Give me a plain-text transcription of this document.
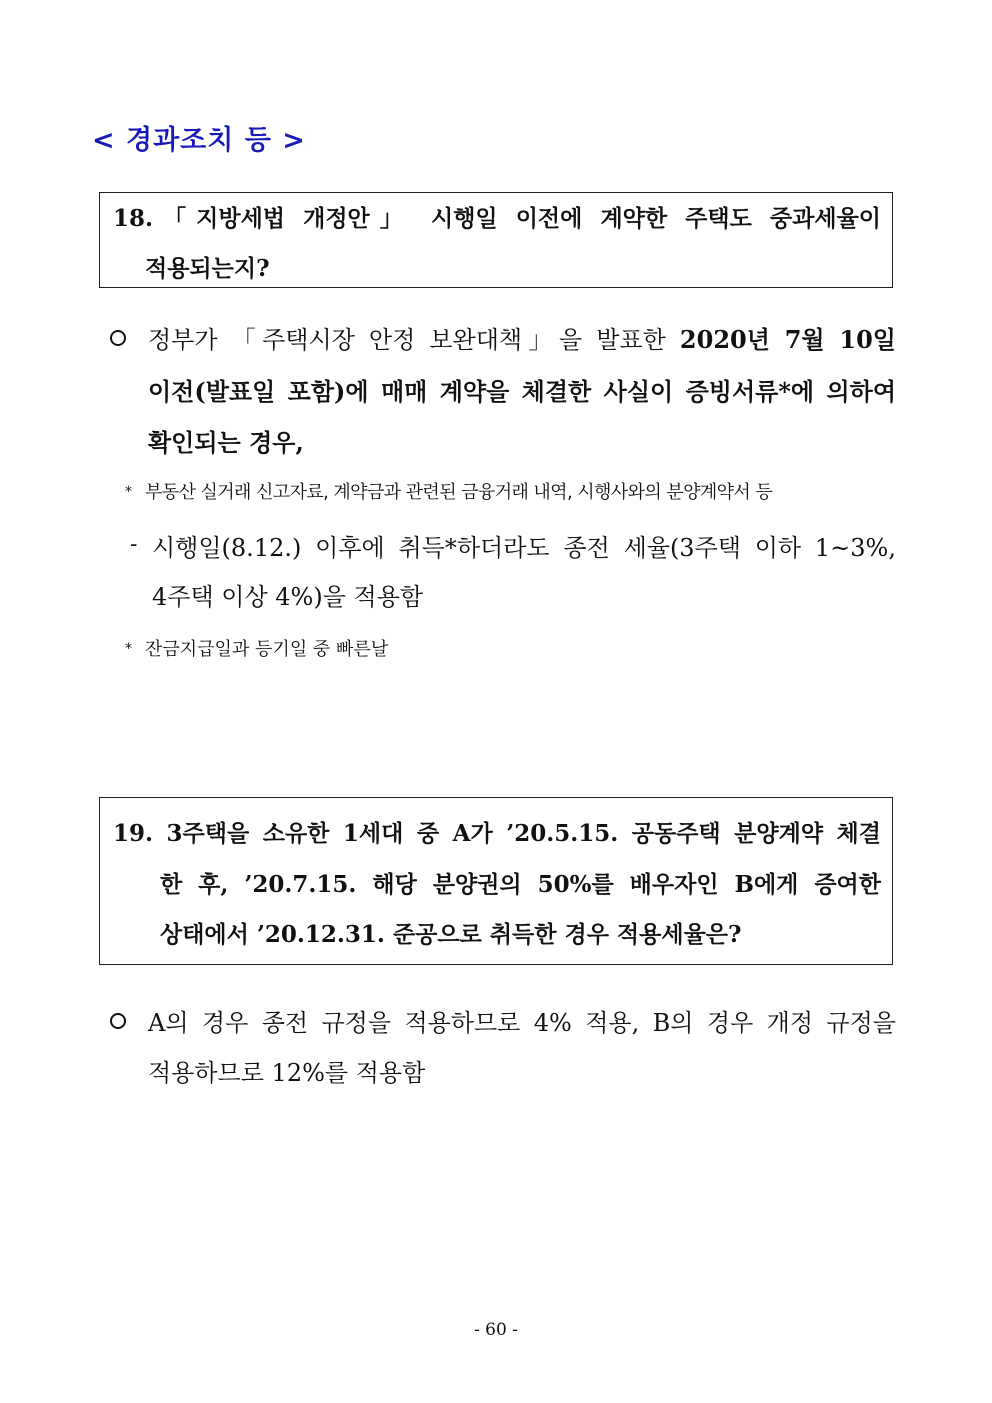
< 경과조치 등 >
18.「지방세법 개정안」 시행일 이전에 계약한 주택도 중과세율이
적용되는지?
정부가 「주택시장 안정 보완대책」을 발표한 2020년 7월 10일
이전(발표일 포함)에 매매 계약을 체결한 사실이 증빙서류*에 의하여
확인되는 경우,
* 부동산 실거래 신고자료, 계약금과 관련된 금융거래 내역, 시행사와의 분양계약서 등
- 시행일(8.12.) 이후에 취득*하더라도 종전 세율(3주택 이하 1~3%,
4주택 이상 4%)을 적용함
* 잔금지급일과 등기일 중 빠른날
19. 3주택을 소유한 1세대 중 A가 ’20.5.15. 공동주택 분양계약 체결
한 후, ’20.7.15. 해당 분양권의 50%를 배우자인 B에게 증여한
상태에서 ’20.12.31. 준공으로 취득한 경우 적용세율은?
A의 경우 종전 규정을 적용하므로 4% 적용, B의 경우 개정 규정을
적용하므로 12%를 적용함
- 60 -
